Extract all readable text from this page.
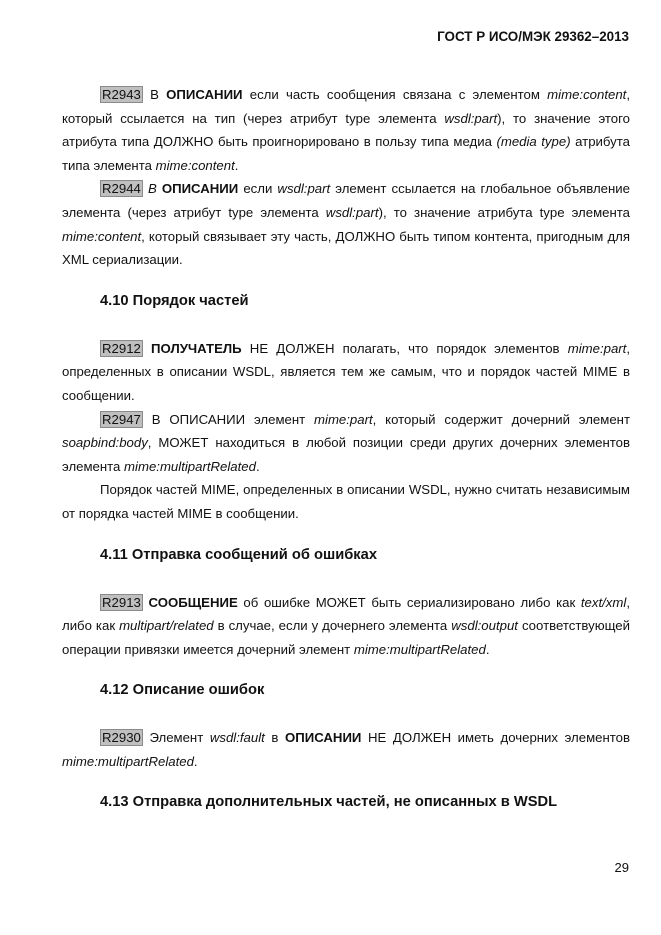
ГОСТ Р ИСО/МЭК 29362–2013

R2943 В ОПИСАНИИ если часть сообщения связана с элементом mime:content, который ссылается на тип (через атрибут type элемента wsdl:part), то значение этого атрибута типа ДОЛЖНО быть проигнорировано в пользу типа медиа (media type) атрибута типа элемента mime:content.

R2944 В ОПИСАНИИ если wsdl:part элемент ссылается на глобальное объявление элемента (через атрибут type элемента wsdl:part), то значение атрибута type элемента mime:content, который связывает эту часть, ДОЛЖНО быть типом контента, пригодным для XML сериализации.

4.10 Порядок частей

R2912 ПОЛУЧАТЕЛЬ НЕ ДОЛЖЕН полагать, что порядок элементов mime:part, определенных в описании WSDL, является тем же самым, что и порядок частей MIME в сообщении.

R2947 В ОПИСАНИИ элемент mime:part, который содержит дочерний элемент soapbind:body, МОЖЕТ находиться в любой позиции среди других дочерних элементов элемента mime:multipartRelated.

Порядок частей MIME, определенных в описании WSDL, нужно считать независимым от порядка частей MIME в сообщении.

4.11 Отправка сообщений об ошибках

R2913 СООБЩЕНИЕ об ошибке МОЖЕТ быть сериализировано либо как text/xml, либо как multipart/related в случае, если у дочернего элемента wsdl:output соответствующей операции привязки имеется дочерний элемент mime:multipartRelated.

4.12 Описание ошибок

R2930 Элемент wsdl:fault в ОПИСАНИИ НЕ ДОЛЖЕН иметь дочерних элементов mime:multipartRelated.

4.13 Отправка дополнительных частей, не описанных в WSDL

29
